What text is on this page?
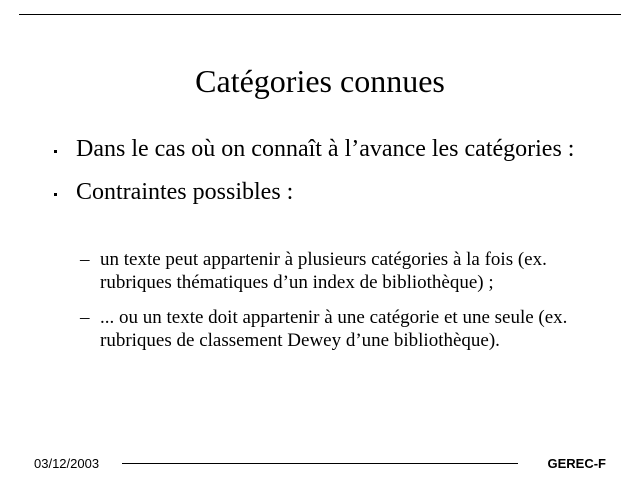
Catégories connues
Dans le cas où on connaît à l’avance les catégories :
Contraintes possibles :
– un texte peut appartenir à plusieurs catégories à la fois (ex. rubriques thématiques d’un index de bibliothèque) ;
– ... ou un texte doit appartenir à une catégorie et une seule (ex. rubriques de classement Dewey d’une bibliothèque).
03/12/2003	GEREC-F
